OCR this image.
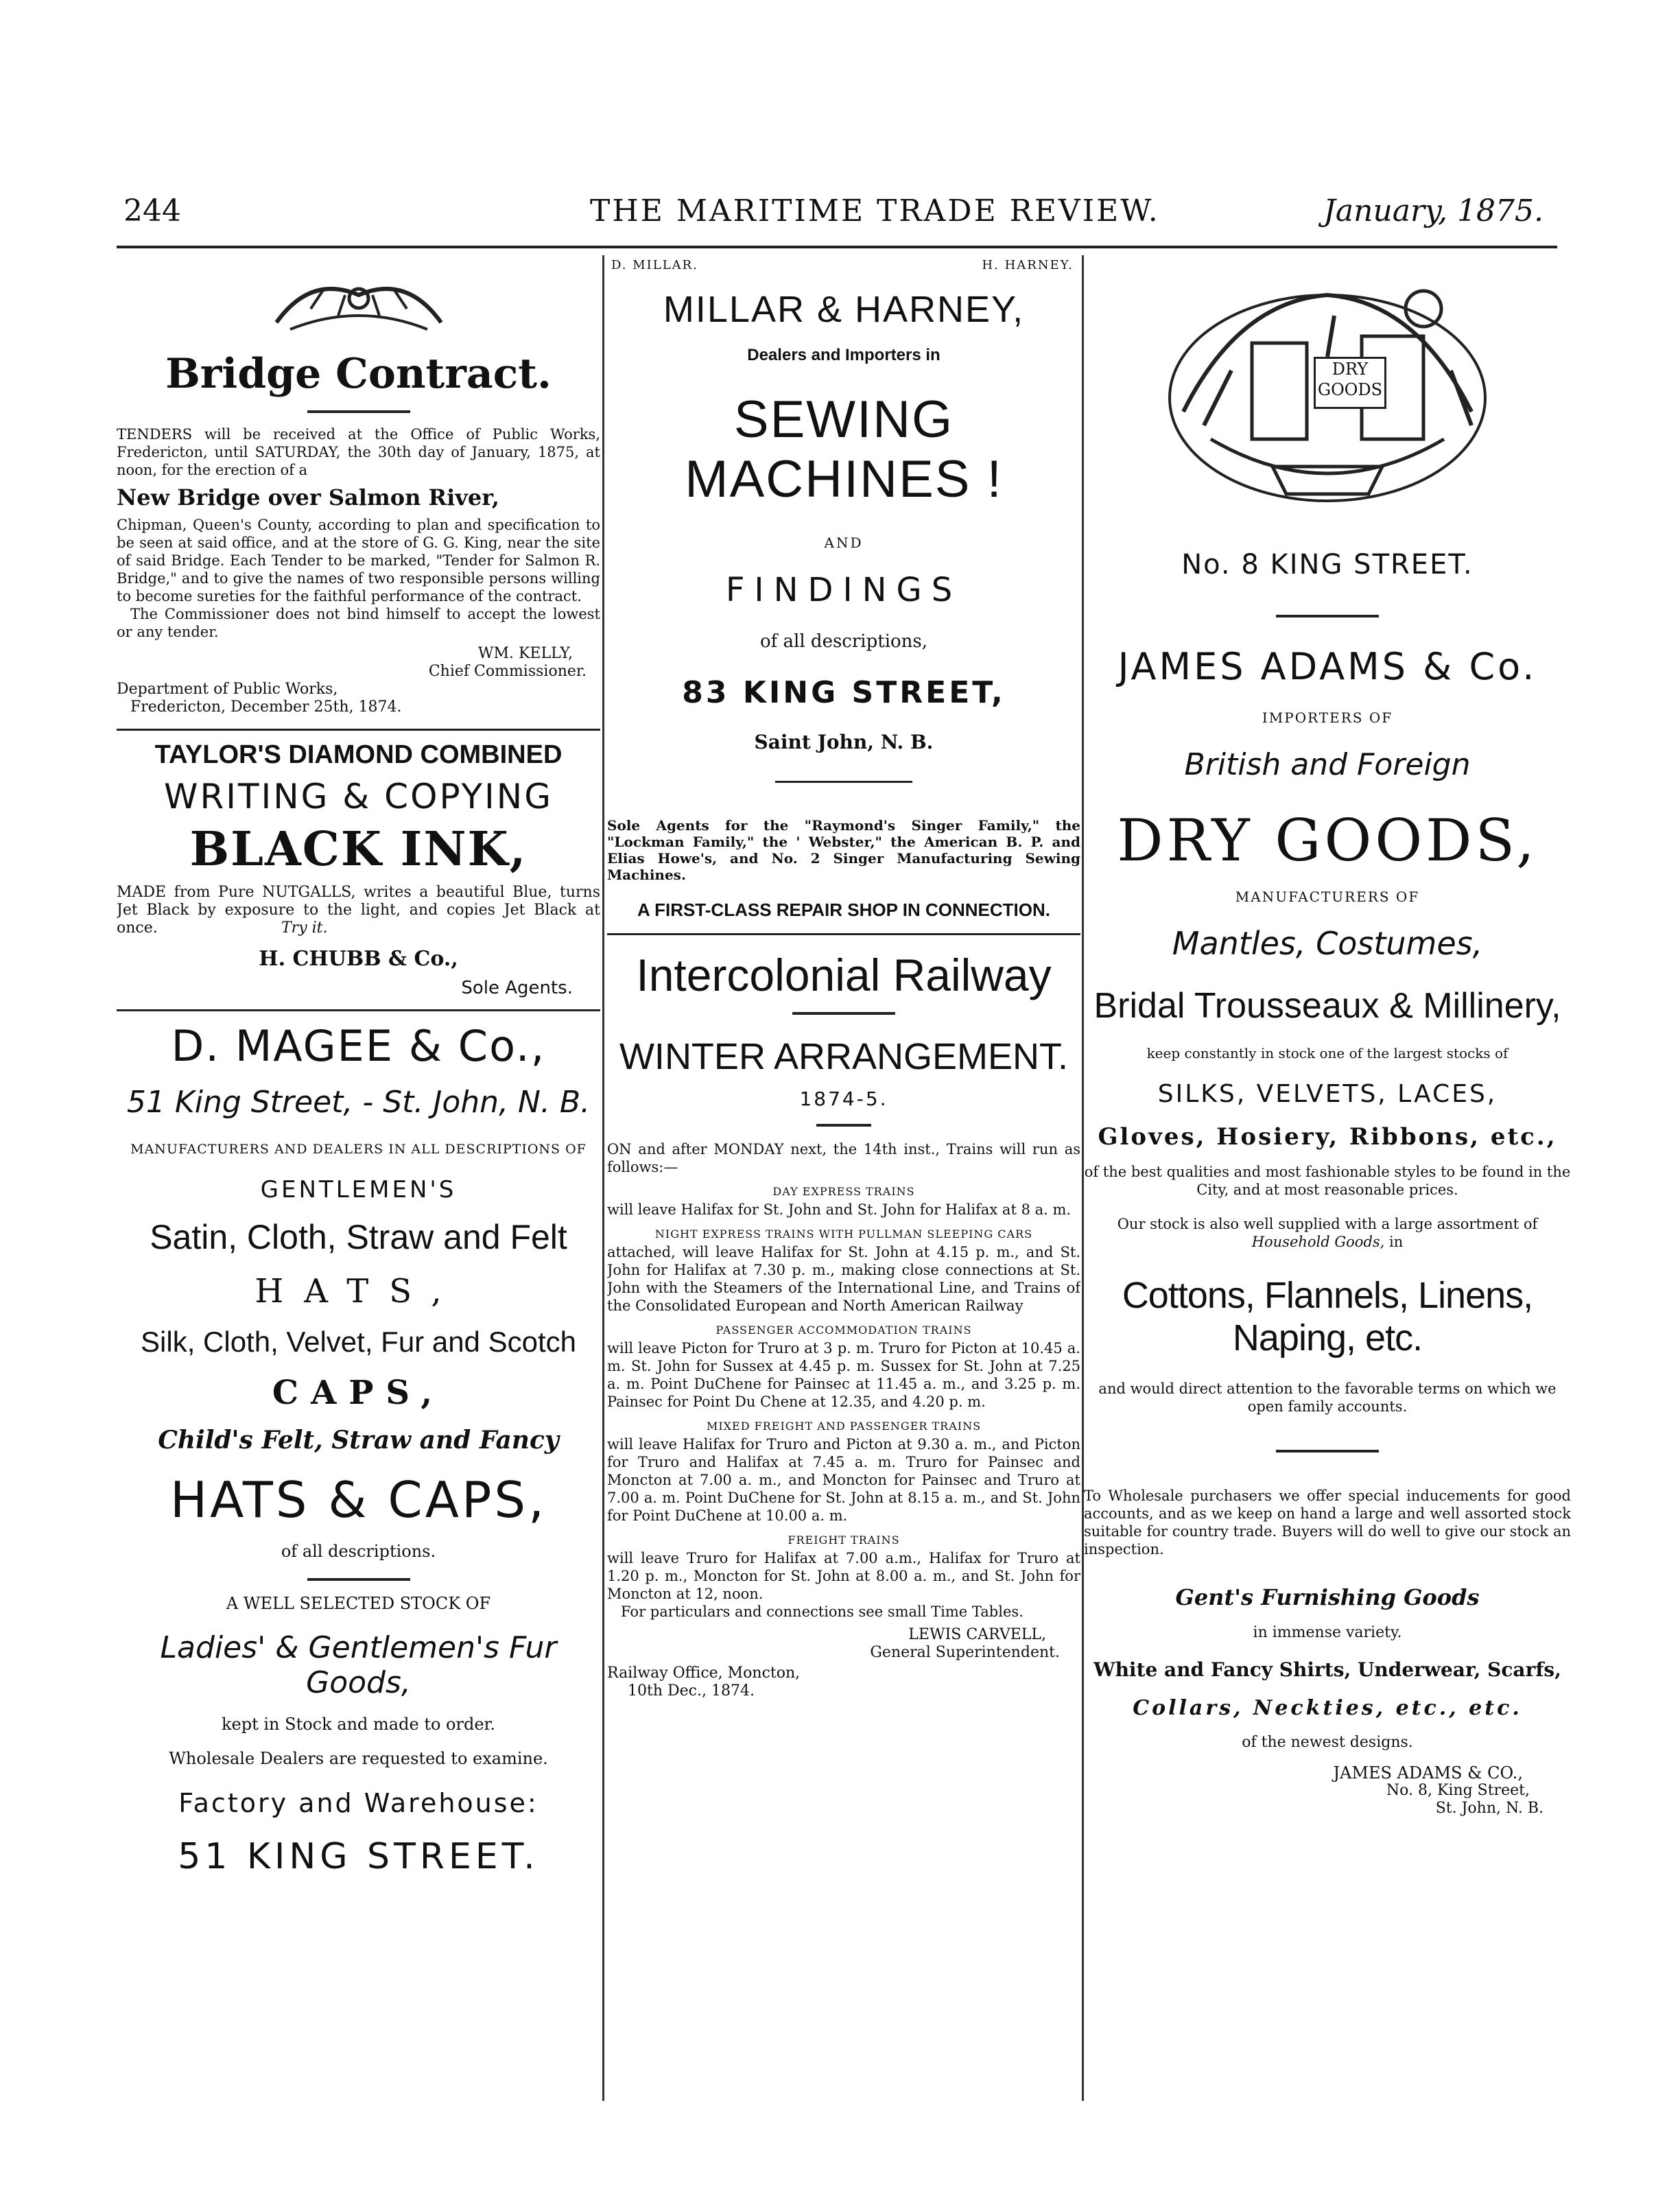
244	THE MARITIME TRADE REVIEW.	January, 1875.

Bridge Contract.

TENDERS will be received at the Office of Public Works, Fredericton, until SATURDAY, the 30th day of January, 1875, at noon, for the erection of a

New Bridge over Salmon River,

Chipman, Queen's County, according to plan and specification to be seen at said office, and at the store of G. G. King, near the site of said Bridge. Each Tender to be marked, "Tender for Salmon R. Bridge," and to give the names of two responsible persons willing to become sureties for the faithful performance of the contract.

The Commissioner does not bind himself to accept the lowest or any tender.

WM. KELLY,

Chief Commissioner.

Department of Public Works,

Fredericton, December 25th, 1874.

TAYLOR'S DIAMOND COMBINED

WRITING & COPYING

BLACK INK,

MADE from Pure NUTGALLS, writes a beautiful Blue, turns Jet Black by exposure to the light, and copies Jet Black at once.	Try it.

H. CHUBB & Co.,

Sole Agents.

D. MAGEE & Co.,

51 King Street, - St. John, N. B.

MANUFACTURERS AND DEALERS IN ALL DESCRIPTIONS OF

GENTLEMEN'S

Satin, Cloth, Straw and Felt

HATS,

Silk, Cloth, Velvet, Fur and Scotch

CAPS,

Child's Felt, Straw and Fancy

HATS & CAPS,

of all descriptions.

A WELL SELECTED STOCK OF

Ladies' & Gentlemen's Fur Goods,

kept in Stock and made to order.

Wholesale Dealers are requested to examine.

Factory and Warehouse:

51 KING STREET.

D. MILLAR.	H. HARNEY.

MILLAR & HARNEY,

Dealers and Importers in

SEWING MACHINES !

AND

FINDINGS

of all descriptions,

83 KING STREET,

Saint John, N. B.

Sole Agents for the "Raymond's Singer Family," the "Lockman Family," the ' Webster," the American B. P. and Elias Howe's, and No. 2 Singer Manufacturing Sewing Machines.

A FIRST-CLASS REPAIR SHOP IN CONNECTION.

Intercolonial Railway

WINTER ARRANGEMENT.

1874-5.

ON and after MONDAY next, the 14th inst., Trains will run as follows:—

DAY EXPRESS TRAINS

will leave Halifax for St. John and St. John for Halifax at 8 a. m.

NIGHT EXPRESS TRAINS WITH PULLMAN SLEEPING CARS

attached, will leave Halifax for St. John at 4.15 p. m., and St. John for Halifax at 7.30 p. m., making close connections at St. John with the Steamers of the International Line, and Trains of the Consolidated European and North American Railway

PASSENGER ACCOMMODATION TRAINS

will leave Picton for Truro at 3 p. m. Truro for Picton at 10.45 a. m. St. John for Sussex at 4.45 p. m. Sussex for St. John at 7.25 a. m. Point DuChene for Painsec at 11.45 a. m., and 3.25 p. m. Painsec for Point Du Chene at 12.35, and 4.20 p. m.

MIXED FREIGHT AND PASSENGER TRAINS

will leave Halifax for Truro and Picton at 9.30 a. m., and Picton for Truro and Halifax at 7.45 a. m. Truro for Painsec and Moncton at 7.00 a. m., and Moncton for Painsec and Truro at 7.00 a. m. Point DuChene for St. John at 8.15 a. m., and St. John for Point DuChene at 10.00 a. m.

FREIGHT TRAINS

will leave Truro for Halifax at 7.00 a.m., Halifax for Truro at 1.20 p. m., Moncton for St. John at 8.00 a. m., and St. John for Moncton at 12, noon.

For particulars and connections see small Time Tables.

LEWIS CARVELL,

General Superintendent.

Railway Office, Moncton,

10th Dec., 1874.

DRY GOODS

No. 8 KING STREET.

JAMES ADAMS & Co.

IMPORTERS OF

British and Foreign

DRY GOODS,

MANUFACTURERS OF

Mantles, Costumes,

Bridal Trousseaux & Millinery,

keep constantly in stock one of the largest stocks of

SILKS, VELVETS, LACES,

Gloves, Hosiery, Ribbons, etc.,

of the best qualities and most fashionable styles to be found in the City, and at most reasonable prices.

Our stock is also well supplied with a large assortment of Household Goods, in

Cottons, Flannels, Linens, Naping, etc.

and would direct attention to the favorable terms on which we open family accounts.

To Wholesale purchasers we offer special inducements for good accounts, and as we keep on hand a large and well assorted stock suitable for country trade. Buyers will do well to give our stock an inspection.

Gent's Furnishing Goods

in immense variety.

White and Fancy Shirts, Underwear, Scarfs,

Collars, Neckties, etc., etc.

of the newest designs.

JAMES ADAMS & CO.,

No. 8, King Street,

St. John, N. B.
